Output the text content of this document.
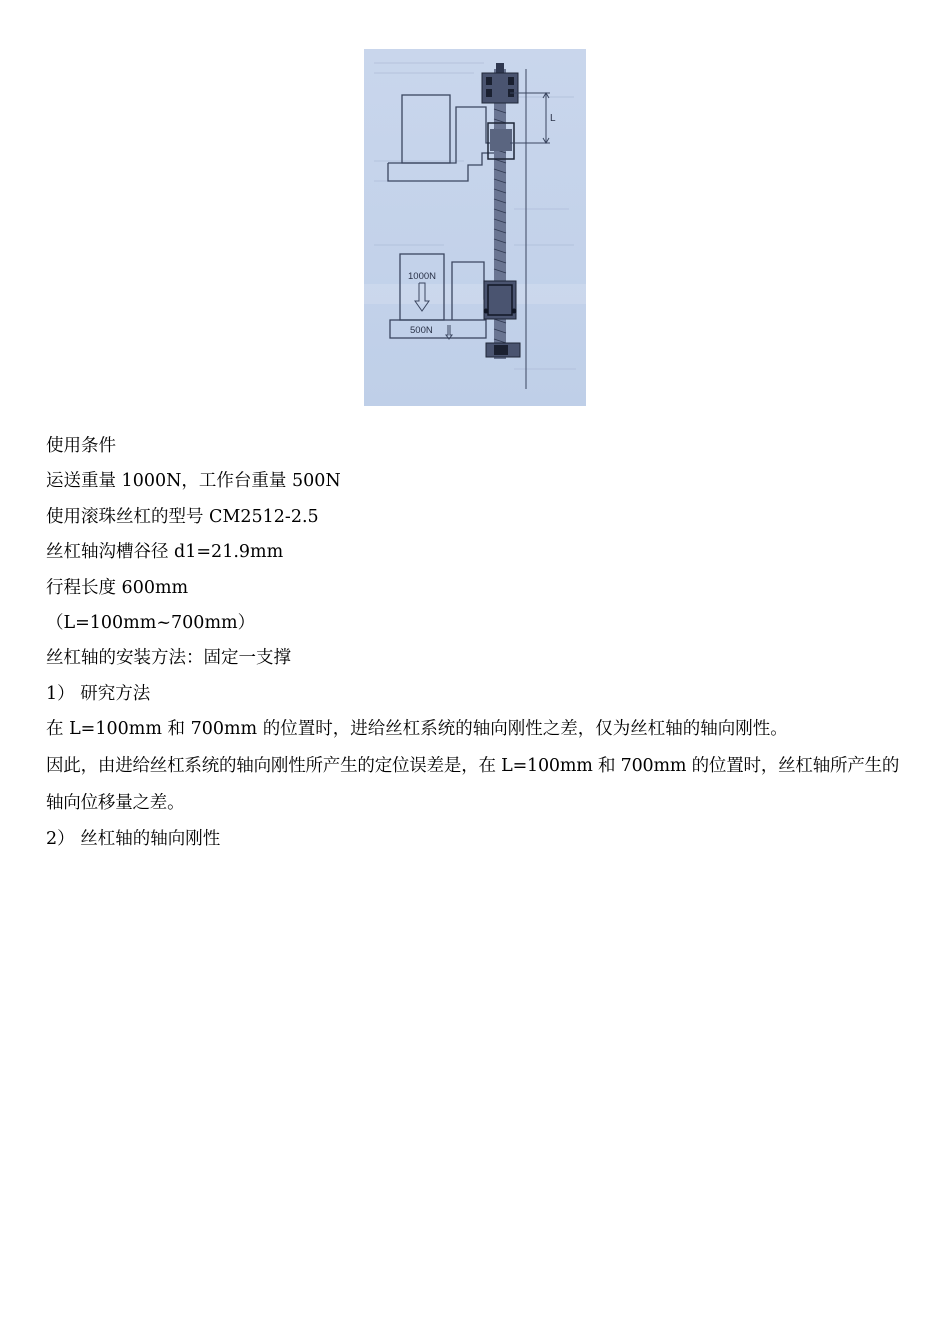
L
1000N
500N
使用条件
运送重量 1000N，工作台重量 500N
使用滚珠丝杠的型号 CM2512-2.5
丝杠轴沟槽谷径 d1=21.9mm
行程长度 600mm
（L=100mm~700mm）
丝杠轴的安装方法：固定一支撑
1） 研究方法
在 L=100mm 和 700mm 的位置时，进给丝杠系统的轴向刚性之差，仅为丝杠轴的轴向刚性。
因此，由进给丝杠系统的轴向刚性所产生的定位误差是，在 L=100mm 和 700mm 的位置时，丝杠轴所产生的轴向位移量之差。
2） 丝杠轴的轴向刚性
